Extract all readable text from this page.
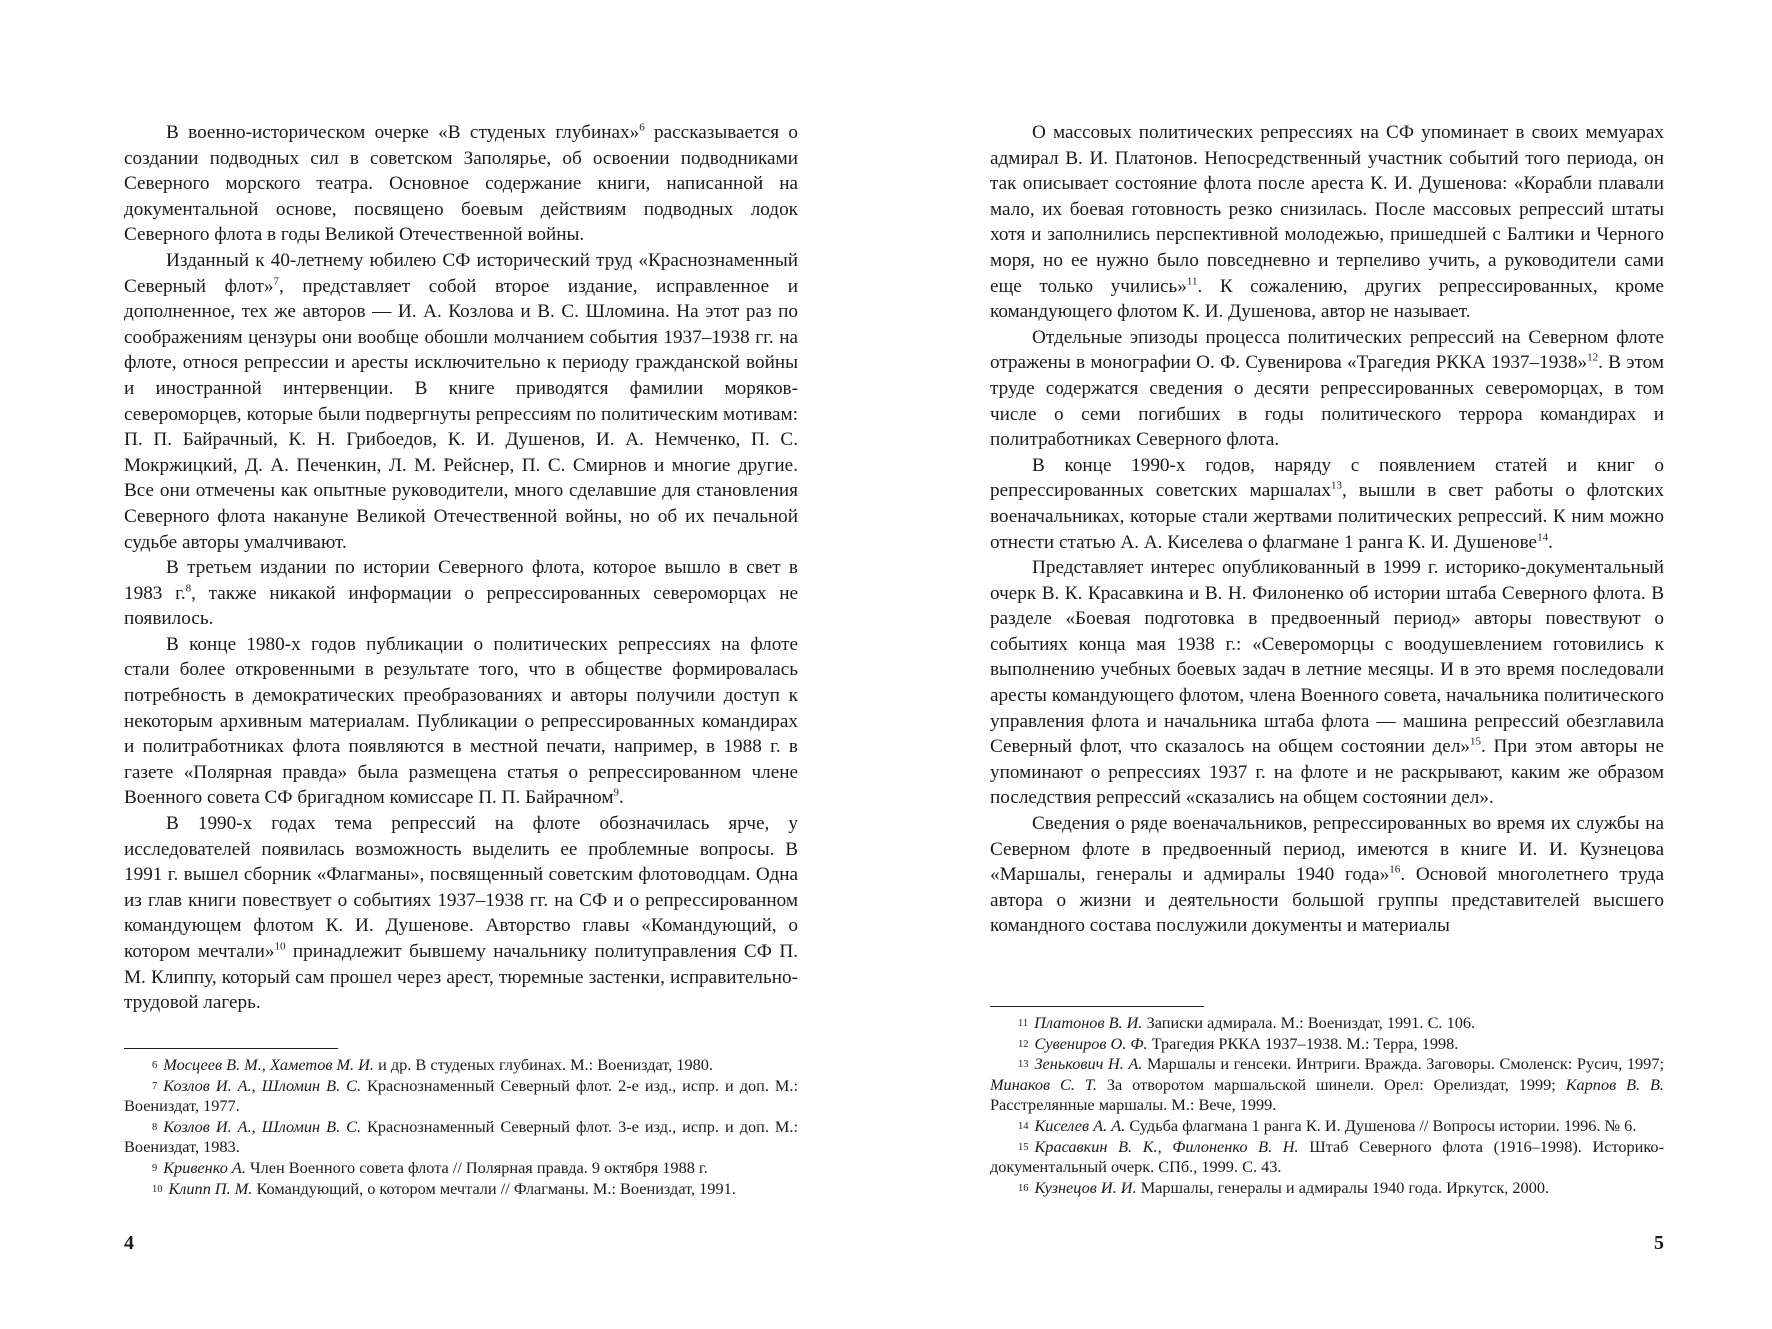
В военно-историческом очерке «В студеных глубинах»$^6$ рассказывается о создании подводных сил в советском Заполярье, об освоении подводниками Северного морского театра. Основное содержание книги, написанной на документальной основе, посвящено боевым действиям подводных лодок Северного флота в годы Великой Отечественной войны.

Изданный к 40-летнему юбилею СФ исторический труд «Краснознаменный Северный флот»$^7$, представляет собой второе издание, исправленное и дополненное, тех же авторов — И. А. Козлова и В. С. Шломина. На этот раз по соображениям цензуры они вообще обошли молчанием события 1937–1938 гг. на флоте, относя репрессии и аресты исключительно к периоду гражданской войны и иностранной интервенции. В книге приводятся фамилии моряков-североморцев, которые были подвергнуты репрессиям по политическим мотивам: П. П. Байрачный, К. Н. Грибоедов, К. И. Душенов, И. А. Немченко, П. С. Мокржицкий, Д. А. Печенкин, Л. М. Рейснер, П. С. Смирнов и многие другие. Все они отмечены как опытные руководители, много сделавшие для становления Северного флота накануне Великой Отечественной войны, но об их печальной судьбе авторы умалчивают.

В третьем издании по истории Северного флота, которое вышло в свет в 1983 г.$^8$, также никакой информации о репрессированных североморцах не появилось.

В конце 1980-х годов публикации о политических репрессиях на флоте стали более откровенными в результате того, что в обществе формировалась потребность в демократических преобразованиях и авторы получили доступ к некоторым архивным материалам. Публикации о репрессированных командирах и политработниках флота появляются в местной печати, например, в 1988 г. в газете «Полярная правда» была размещена статья о репрессированном члене Военного совета СФ бригадном комиссаре П. П. Байрачном$^9$.

В 1990-х годах тема репрессий на флоте обозначилась ярче, у исследователей появилась возможность выделить ее проблемные вопросы. В 1991 г. вышел сборник «Флагманы», посвященный советским флотоводцам. Одна из глав книги повествует о событиях 1937–1938 гг. на СФ и о репрессированном командующем флотом К. И. Душенове. Авторство главы «Командующий, о котором мечтали»$^{10}$ принадлежит бывшему начальнику политуправления СФ П. М. Клиппу, который сам прошел через арест, тюремные застенки, исправительно-трудовой лагерь.

$^6$ Мосцеев В. М., Хаметов М. И. и др. В студеных глубинах. М.: Воениздат, 1980.

$^7$ Козлов И. А., Шломин В. С. Краснознаменный Северный флот. 2-е изд., испр. и доп. М.: Воениздат, 1977.

$^8$ Козлов И. А., Шломин В. С. Краснознаменный Северный флот. 3-е изд., испр. и доп. М.: Воениздат, 1983.

$^9$ Кривенко А. Член Военного совета флота // Полярная правда. 9 октября 1988 г.

$^{10}$ Клипп П. М. Командующий, о котором мечтали // Флагманы. М.: Воениздат, 1991.

4

О массовых политических репрессиях на СФ упоминает в своих мемуарах адмирал В. И. Платонов. Непосредственный участник событий того периода, он так описывает состояние флота после ареста К. И. Душенова: «Корабли плавали мало, их боевая готовность резко снизилась. После массовых репрессий штаты хотя и заполнились перспективной молодежью, пришедшей с Балтики и Черного моря, но ее нужно было повседневно и терпеливо учить, а руководители сами еще только учились»$^{11}$. К сожалению, других репрессированных, кроме командующего флотом К. И. Душенова, автор не называет.

Отдельные эпизоды процесса политических репрессий на Северном флоте отражены в монографии О. Ф. Сувенирова «Трагедия РККА 1937–1938»$^{12}$. В этом труде содержатся сведения о десяти репрессированных североморцах, в том числе о семи погибших в годы политического террора командирах и политработниках Северного флота.

В конце 1990-х годов, наряду с появлением статей и книг о репрессированных советских маршалах$^{13}$, вышли в свет работы о флотских военачальниках, которые стали жертвами политических репрессий. К ним можно отнести статью А. А. Киселева о флагмане 1 ранга К. И. Душенове$^{14}$.

Представляет интерес опубликованный в 1999 г. историко-документальный очерк В. К. Красавкина и В. Н. Филоненко об истории штаба Северного флота. В разделе «Боевая подготовка в предвоенный период» авторы повествуют о событиях конца мая 1938 г.: «Североморцы с воодушевлением готовились к выполнению учебных боевых задач в летние месяцы. И в это время последовали аресты командующего флотом, члена Военного совета, начальника политического управления флота и начальника штаба флота — машина репрессий обезглавила Северный флот, что сказалось на общем состоянии дел»$^{15}$. При этом авторы не упоминают о репрессиях 1937 г. на флоте и не раскрывают, каким же образом последствия репрессий «сказались на общем состоянии дел».

Сведения о ряде военачальников, репрессированных во время их службы на Северном флоте в предвоенный период, имеются в книге И. И. Кузнецова «Маршалы, генералы и адмиралы 1940 года»$^{16}$. Основой многолетнего труда автора о жизни и деятельности большой группы представителей высшего командного состава послужили документы и материалы

$^{11}$ Платонов В. И. Записки адмирала. М.: Воениздат, 1991. С. 106.

$^{12}$ Сувениров О. Ф. Трагедия РККА 1937–1938. М.: Терра, 1998.

$^{13}$ Зенькович Н. А. Маршалы и генсеки. Интриги. Вражда. Заговоры. Смоленск: Русич, 1997; Минаков С. Т. За отворотом маршальской шинели. Орел: Орелиздат, 1999; Карпов В. В. Расстрелянные маршалы. М.: Вече, 1999.

$^{14}$ Киселев А. А. Судьба флагмана 1 ранга К. И. Душенова // Вопросы истории. 1996. № 6.

$^{15}$ Красавкин В. К., Филоненко В. Н. Штаб Северного флота (1916–1998). Историко-документальный очерк. СПб., 1999. С. 43.

$^{16}$ Кузнецов И. И. Маршалы, генералы и адмиралы 1940 года. Иркутск, 2000.

5
